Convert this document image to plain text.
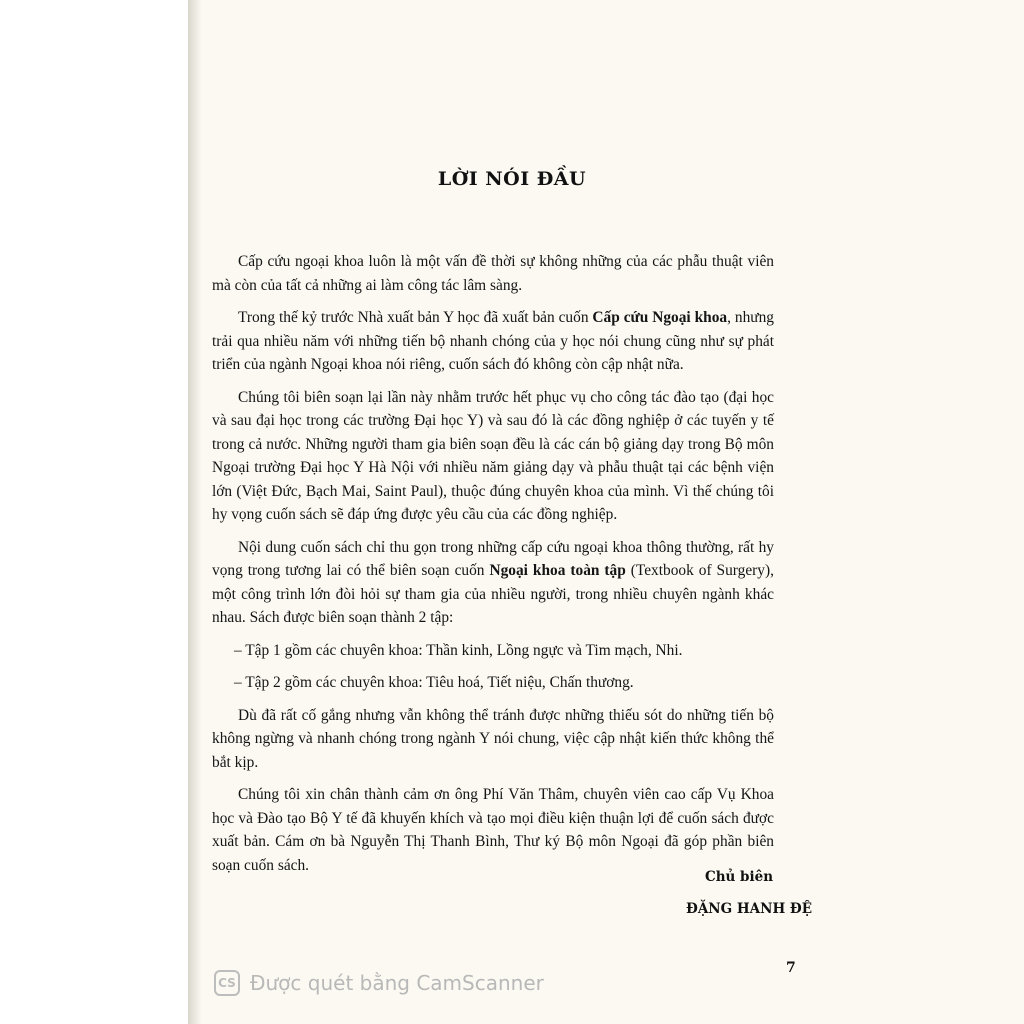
LỜI NÓI ĐẦU

Cấp cứu ngoại khoa luôn là một vấn đề thời sự không những của các phẫu thuật viên mà còn của tất cả những ai làm công tác lâm sàng.

Trong thế kỷ trước Nhà xuất bản Y học đã xuất bản cuốn Cấp cứu Ngoại khoa, nhưng trải qua nhiều năm với những tiến bộ nhanh chóng của y học nói chung cũng như sự phát triển của ngành Ngoại khoa nói riêng, cuốn sách đó không còn cập nhật nữa.

Chúng tôi biên soạn lại lần này nhằm trước hết phục vụ cho công tác đào tạo (đại học và sau đại học trong các trường Đại học Y) và sau đó là các đồng nghiệp ở các tuyến y tế trong cả nước. Những người tham gia biên soạn đều là các cán bộ giảng dạy trong Bộ môn Ngoại trường Đại học Y Hà Nội với nhiều năm giảng dạy và phẫu thuật tại các bệnh viện lớn (Việt Đức, Bạch Mai, Saint Paul), thuộc đúng chuyên khoa của mình. Vì thế chúng tôi hy vọng cuốn sách sẽ đáp ứng được yêu cầu của các đồng nghiệp.

Nội dung cuốn sách chỉ thu gọn trong những cấp cứu ngoại khoa thông thường, rất hy vọng trong tương lai có thể biên soạn cuốn Ngoại khoa toàn tập (Textbook of Surgery), một công trình lớn đòi hỏi sự tham gia của nhiều người, trong nhiều chuyên ngành khác nhau. Sách được biên soạn thành 2 tập:

– Tập 1 gồm các chuyên khoa: Thần kinh, Lồng ngực và Tim mạch, Nhi.

– Tập 2 gồm các chuyên khoa: Tiêu hoá, Tiết niệu, Chấn thương.

Dù đã rất cố gắng nhưng vẫn không thể tránh được những thiếu sót do những tiến bộ không ngừng và nhanh chóng trong ngành Y nói chung, việc cập nhật kiến thức không thể bắt kịp.

Chúng tôi xin chân thành cảm ơn ông Phí Văn Thâm, chuyên viên cao cấp Vụ Khoa học và Đào tạo Bộ Y tế đã khuyến khích và tạo mọi điều kiện thuận lợi để cuốn sách được xuất bản. Cám ơn bà Nguyễn Thị Thanh Bình, Thư ký Bộ môn Ngoại đã góp phần biên soạn cuốn sách.

Chủ biên
ĐẶNG HANH ĐỆ
7
CS Được quét bằng CamScanner
